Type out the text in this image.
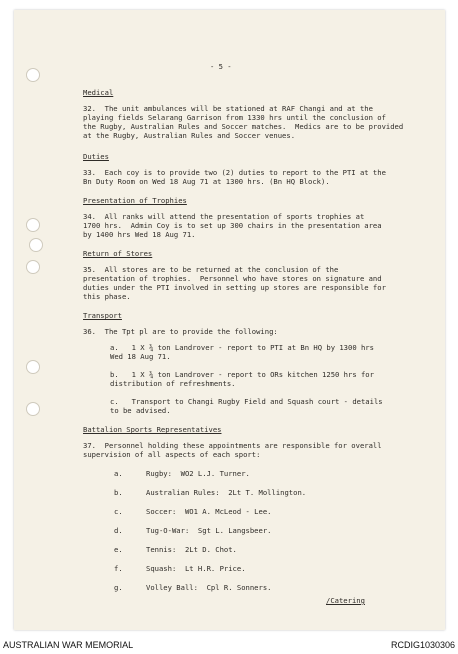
- 5 -

Medical

32.  The unit ambulances will be stationed at RAF Changi and at the

playing fields Selarang Garrison from 1330 hrs until the conclusion of

the Rugby, Australian Rules and Soccer matches.  Medics are to be provided

at the Rugby, Australian Rules and Soccer venues.

Duties

33.  Each coy is to provide two (2) duties to report to the PTI at the

Bn Duty Room on Wed 18 Aug 71 at 1300 hrs. (Bn HQ Block).

Presentation of Trophies

34.  All ranks will attend the presentation of sports trophies at

1700 hrs.  Admin Coy is to set up 300 chairs in the presentation area

by 1400 hrs Wed 18 Aug 71.

Return of Stores

35.  All stores are to be returned at the conclusion of the

presentation of trophies.  Personnel who have stores on signature and

duties under the PTI involved in setting up stores are responsible for

this phase.

Transport

36.  The Tpt pl are to provide the following:

a.   1 X ¾ ton Landrover - report to PTI at Bn HQ by 1300 hrs

Wed 18 Aug 71.

b.   1 X ¾ ton Landrover - report to ORs kitchen 1250 hrs for

distribution of refreshments.

c.   Transport to Changi Rugby Field and Squash court - details

to be advised.

Battalion Sports Representatives

37.  Personnel holding these appointments are responsible for overall

supervision of all aspects of each sport:

a.	Rugby:  WO2 L.J. Turner.

b.	Australian Rules:  2Lt T. Mollington.

c.	Soccer:  WO1 A. McLeod - Lee.

d.	Tug-O-War:  Sgt L. Langsbeer.

e.	Tennis:  2Lt D. Chot.

f.	Squash:  Lt H.R. Price.

g.	Volley Ball:  Cpl R. Sonners.

/Catering

AUSTRALIAN WAR MEMORIAL	RCDIG1030306
